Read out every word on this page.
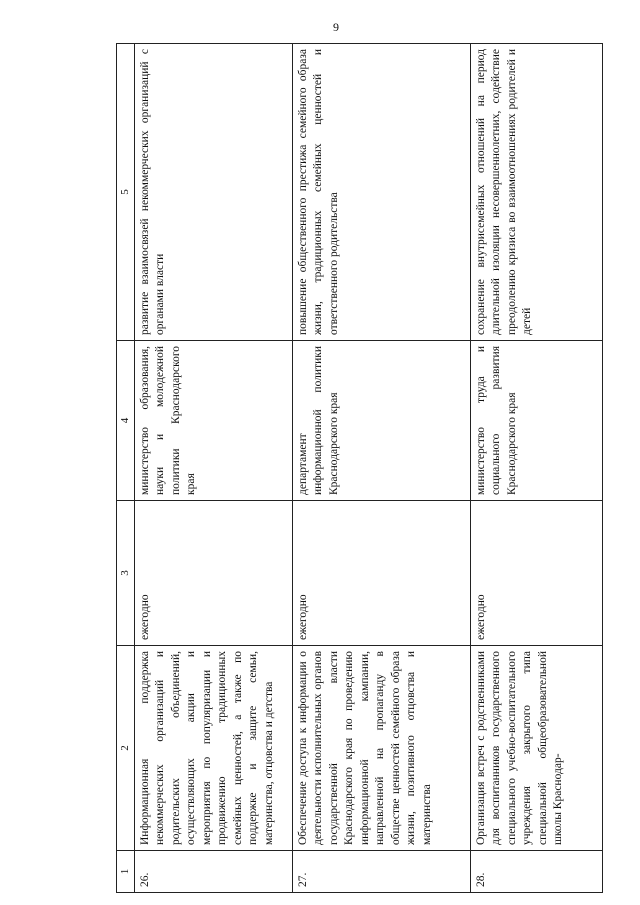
9
1	2	3	4	5
26.	Информационная поддержка некоммерческих организаций и родительских объединений, осуществляющих акции и мероприятия по популяризации и продвижению традиционных семейных ценностей, а также по поддержке и защите семьи, материнства, отцовства и детства	ежегодно	министерство образования, науки и молодежной политики Краснодарского края	развитие взаимосвязей некоммерческих организаций с органами власти
27.	Обеспечение доступа к информации о деятельности исполнительных органов государственной власти Краснодарского края по проведению информационной кампании, направленной на пропаганду в обществе ценностей семейного образа жизни, позитивного отцовства и материнства	ежегодно	департамент информационной политики Краснодарского края	повышение общественного престижа семейного образа жизни, традиционных семейных ценностей и ответственного родительства
28.	Организация встреч с родственниками для воспитанников государственного специального учебно-воспитательного учреждения закрытого типа специальной общеобразовательной школы Краснодар-	ежегодно	министерство труда и социального развития Краснодарского края	сохранение внутрисемейных отношений на период длительной изоляции несовершеннолетних, содействие преодолению кризиса во взаимоотношениях родителей и детей
